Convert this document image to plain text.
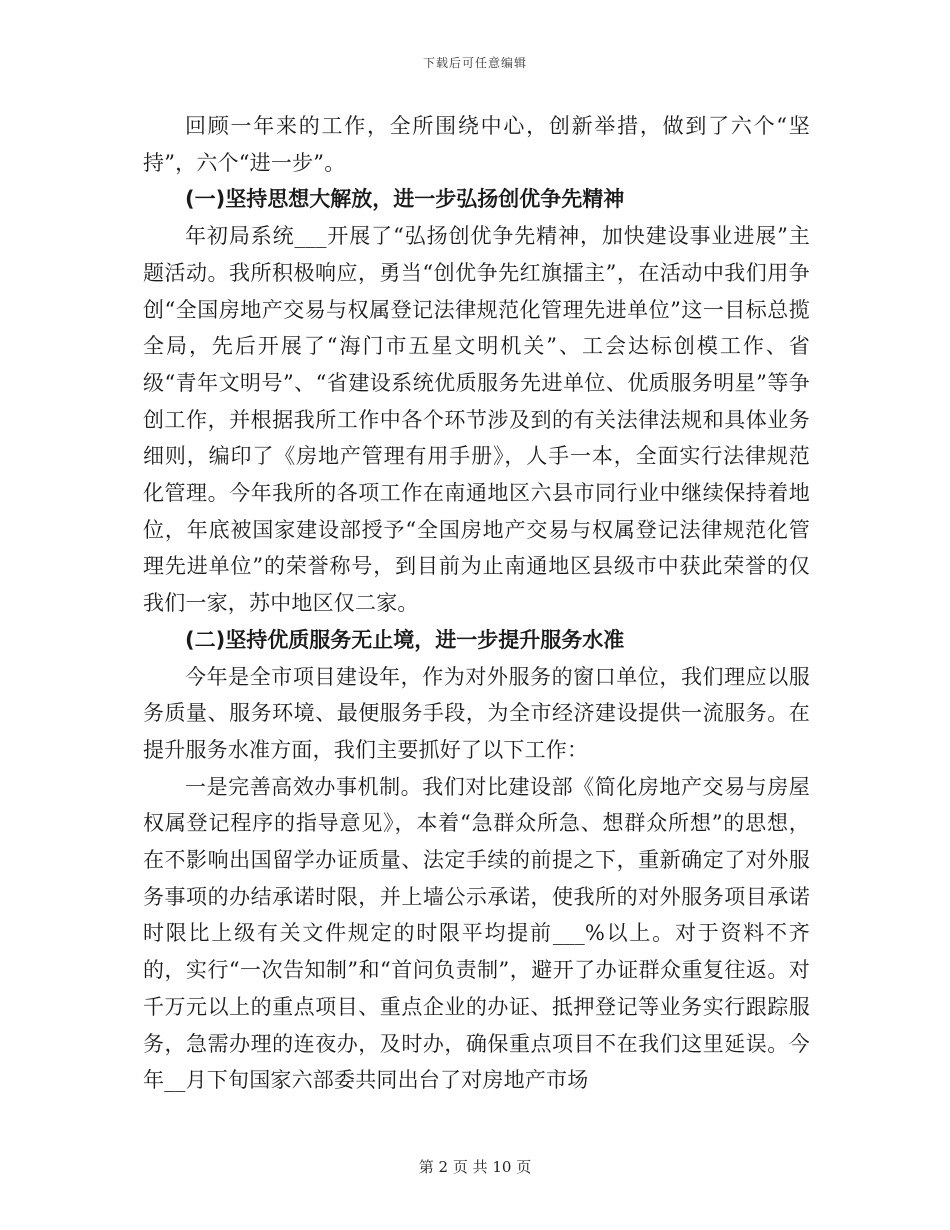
下载后可任意编辑

回顾一年来的工作，全所围绕中心，创新举措，做到了六个“坚持”，六个“进一步”。

(一)坚持思想大解放，进一步弘扬创优争先精神

年初局系统___开展了“弘扬创优争先精神，加快建设事业进展”主题活动。我所积极响应，勇当“创优争先红旗擂主”，在活动中我们用争创“全国房地产交易与权属登记法律规范化管理先进单位”这一目标总揽全局，先后开展了“海门市五星文明机关”、工会达标创模工作、省级“青年文明号”、“省建设系统优质服务先进单位、优质服务明星”等争创工作，并根据我所工作中各个环节涉及到的有关法律法规和具体业务细则，编印了《房地产管理有用手册》，人手一本，全面实行法律规范化管理。今年我所的各项工作在南通地区六县市同行业中继续保持着地位，年底被国家建设部授予“全国房地产交易与权属登记法律规范化管理先进单位”的荣誉称号，到目前为止南通地区县级市中获此荣誉的仅我们一家，苏中地区仅二家。

(二)坚持优质服务无止境，进一步提升服务水准

今年是全市项目建设年，作为对外服务的窗口单位，我们理应以服务质量、服务环境、最便服务手段，为全市经济建设提供一流服务。在提升服务水准方面，我们主要抓好了以下工作：

一是完善高效办事机制。我们对比建设部《简化房地产交易与房屋权属登记程序的指导意见》，本着“急群众所急、想群众所想”的思想，在不影响出国留学办证质量、法定手续的前提之下，重新确定了对外服务事项的办结承诺时限，并上墙公示承诺，使我所的对外服务项目承诺时限比上级有关文件规定的时限平均提前___%以上。对于资料不齐的，实行“一次告知制”和“首问负责制”，避开了办证群众重复往返。对千万元以上的重点项目、重点企业的办证、抵押登记等业务实行跟踪服务，急需办理的连夜办，及时办，确保重点项目不在我们这里延误。今年__月下旬国家六部委共同出台了对房地产市场

第 2 页 共 10 页
